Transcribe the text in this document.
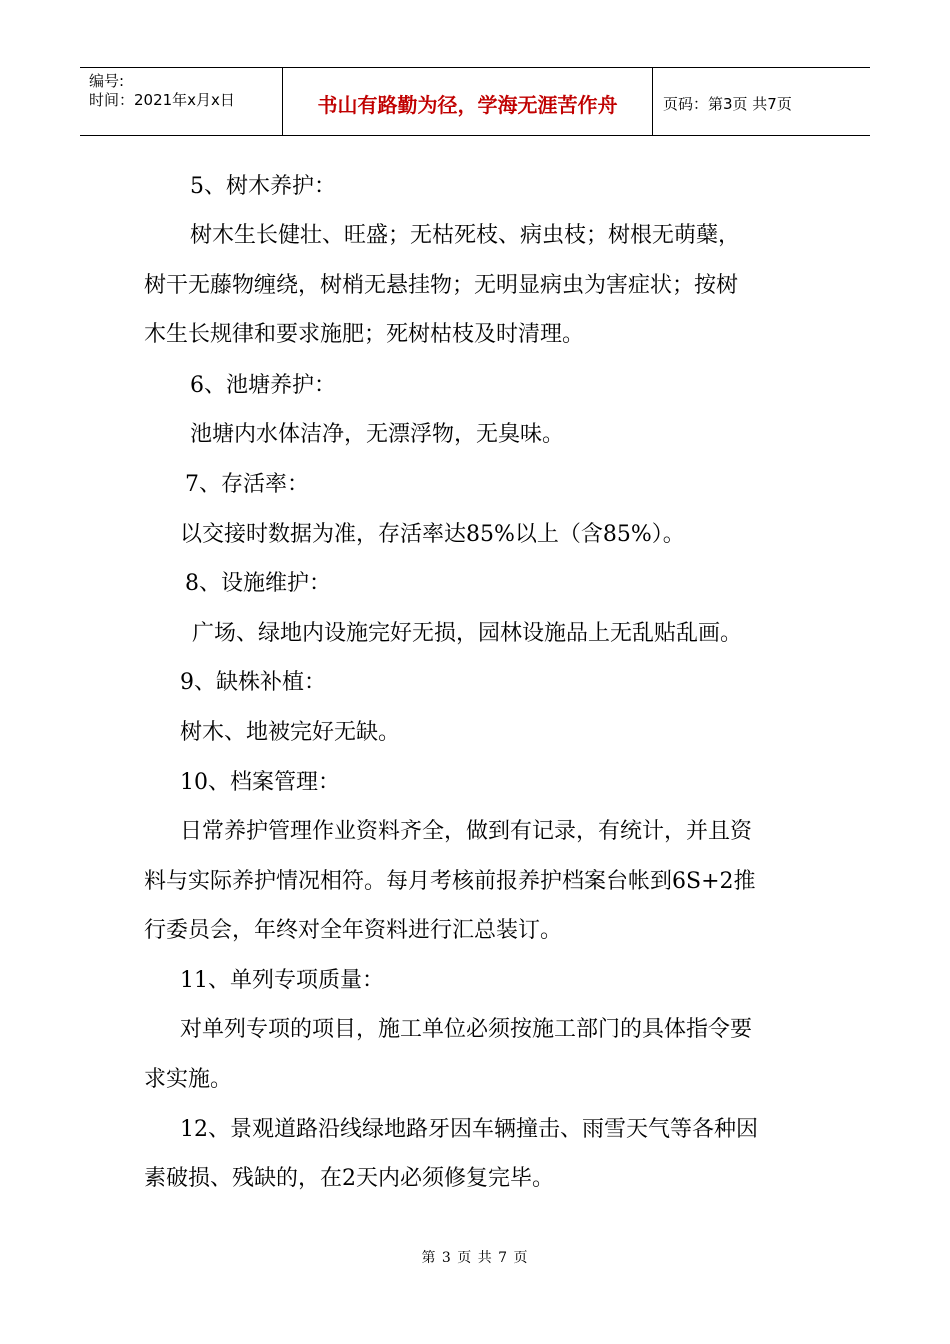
编号:
时间：2021年x月x日	书山有路勤为径，学海无涯苦作舟	页码：第3页 共7页
5、树木养护：
树木生长健壮、旺盛；无枯死枝、病虫枝；树根无萌蘖，
树干无藤物缠绕，树梢无悬挂物；无明显病虫为害症状；按树
木生长规律和要求施肥；死树枯枝及时清理。
6、池塘养护：
池塘内水体洁净，无漂浮物，无臭味。
7、存活率：
以交接时数据为准，存活率达85%以上（含85%）。
8、设施维护：
广场、绿地内设施完好无损，园林设施品上无乱贴乱画。
9、缺株补植：
树木、地被完好无缺。
10、档案管理：
日常养护管理作业资料齐全，做到有记录，有统计，并且资
料与实际养护情况相符。每月考核前报养护档案台帐到6S+2推
行委员会，年终对全年资料进行汇总装订。
11、单列专项质量：
对单列专项的项目，施工单位必须按施工部门的具体指令要
求实施。
12、景观道路沿线绿地路牙因车辆撞击、雨雪天气等各种因
素破损、残缺的，在2天内必须修复完毕。
第 3 页 共 7 页
